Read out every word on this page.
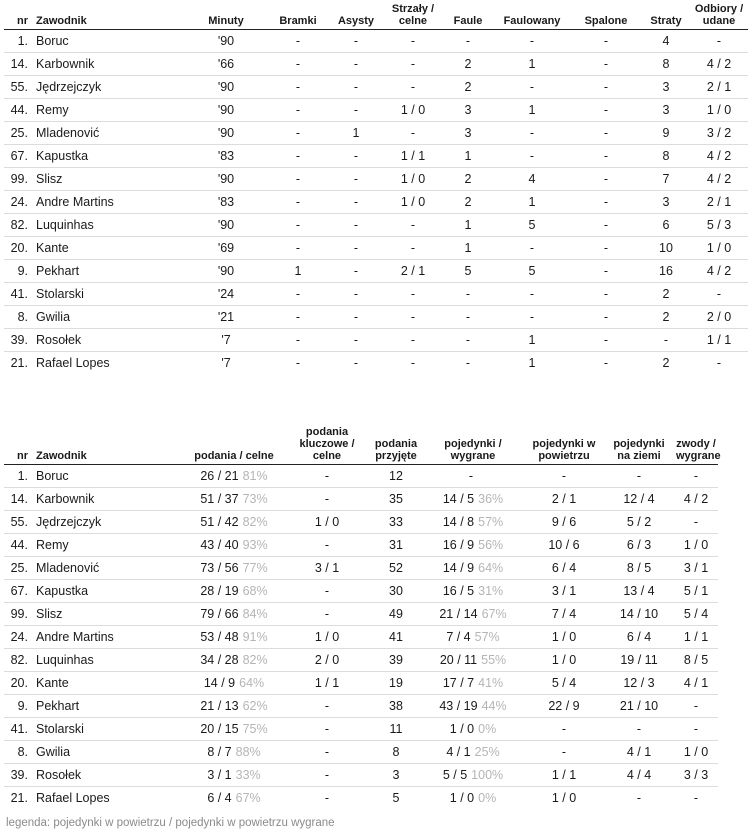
nr	Zawodnik	Minuty	Bramki	Asysty	Strzały / celne	Faule	Faulowany	Spalone	Straty	Odbiory / udane
1.	Boruc	'90	-	-	-	-	-	-	4	-
14.	Karbownik	'66	-	-	-	2	1	-	8	4 / 2
55.	Jędrzejczyk	'90	-	-	-	2	-	-	3	2 / 1
44.	Remy	'90	-	-	1 / 0	3	1	-	3	1 / 0
25.	Mladenović	'90	-	1	-	3	-	-	9	3 / 2
67.	Kapustka	'83	-	-	1 / 1	1	-	-	8	4 / 2
99.	Slisz	'90	-	-	1 / 0	2	4	-	7	4 / 2
24.	Andre Martins	'83	-	-	1 / 0	2	1	-	3	2 / 1
82.	Luquinhas	'90	-	-	-	1	5	-	6	5 / 3
20.	Kante	'69	-	-	-	1	-	-	10	1 / 0
9.	Pekhart	'90	1	-	2 / 1	5	5	-	16	4 / 2
41.	Stolarski	'24	-	-	-	-	-	-	2	-
8.	Gwilia	'21	-	-	-	-	-	-	2	2 / 0
39.	Rosołek	'7	-	-	-	-	1	-	-	1 / 1
21.	Rafael Lopes	'7	-	-	-	-	1	-	2	-
nr	Zawodnik	podania / celne	podania kluczowe / celne	podania przyjęte	pojedynki / wygrane	pojedynki w powietrzu	pojedynki na ziemi	zwody / wygrane
1.	Boruc	26 / 21 81%	-	12	-	-	-	-
14.	Karbownik	51 / 37 73%	-	35	14 / 5 36%	2 / 1	12 / 4	4 / 2
55.	Jędrzejczyk	51 / 42 82%	1 / 0	33	14 / 8 57%	9 / 6	5 / 2	-
44.	Remy	43 / 40 93%	-	31	16 / 9 56%	10 / 6	6 / 3	1 / 0
25.	Mladenović	73 / 56 77%	3 / 1	52	14 / 9 64%	6 / 4	8 / 5	3 / 1
67.	Kapustka	28 / 19 68%	-	30	16 / 5 31%	3 / 1	13 / 4	5 / 1
99.	Slisz	79 / 66 84%	-	49	21 / 14 67%	7 / 4	14 / 10	5 / 4
24.	Andre Martins	53 / 48 91%	1 / 0	41	7 / 4 57%	1 / 0	6 / 4	1 / 1
82.	Luquinhas	34 / 28 82%	2 / 0	39	20 / 11 55%	1 / 0	19 / 11	8 / 5
20.	Kante	14 / 9 64%	1 / 1	19	17 / 7 41%	5 / 4	12 / 3	4 / 1
9.	Pekhart	21 / 13 62%	-	38	43 / 19 44%	22 / 9	21 / 10	-
41.	Stolarski	20 / 15 75%	-	11	1 / 0 0%	-	-	-
8.	Gwilia	8 / 7 88%	-	8	4 / 1 25%	-	4 / 1	1 / 0
39.	Rosołek	3 / 1 33%	-	3	5 / 5 100%	1 / 1	4 / 4	3 / 3
21.	Rafael Lopes	6 / 4 67%	-	5	1 / 0 0%	1 / 0	-	-
legenda: pojedynki w powietrzu / pojedynki w powietrzu wygrane
